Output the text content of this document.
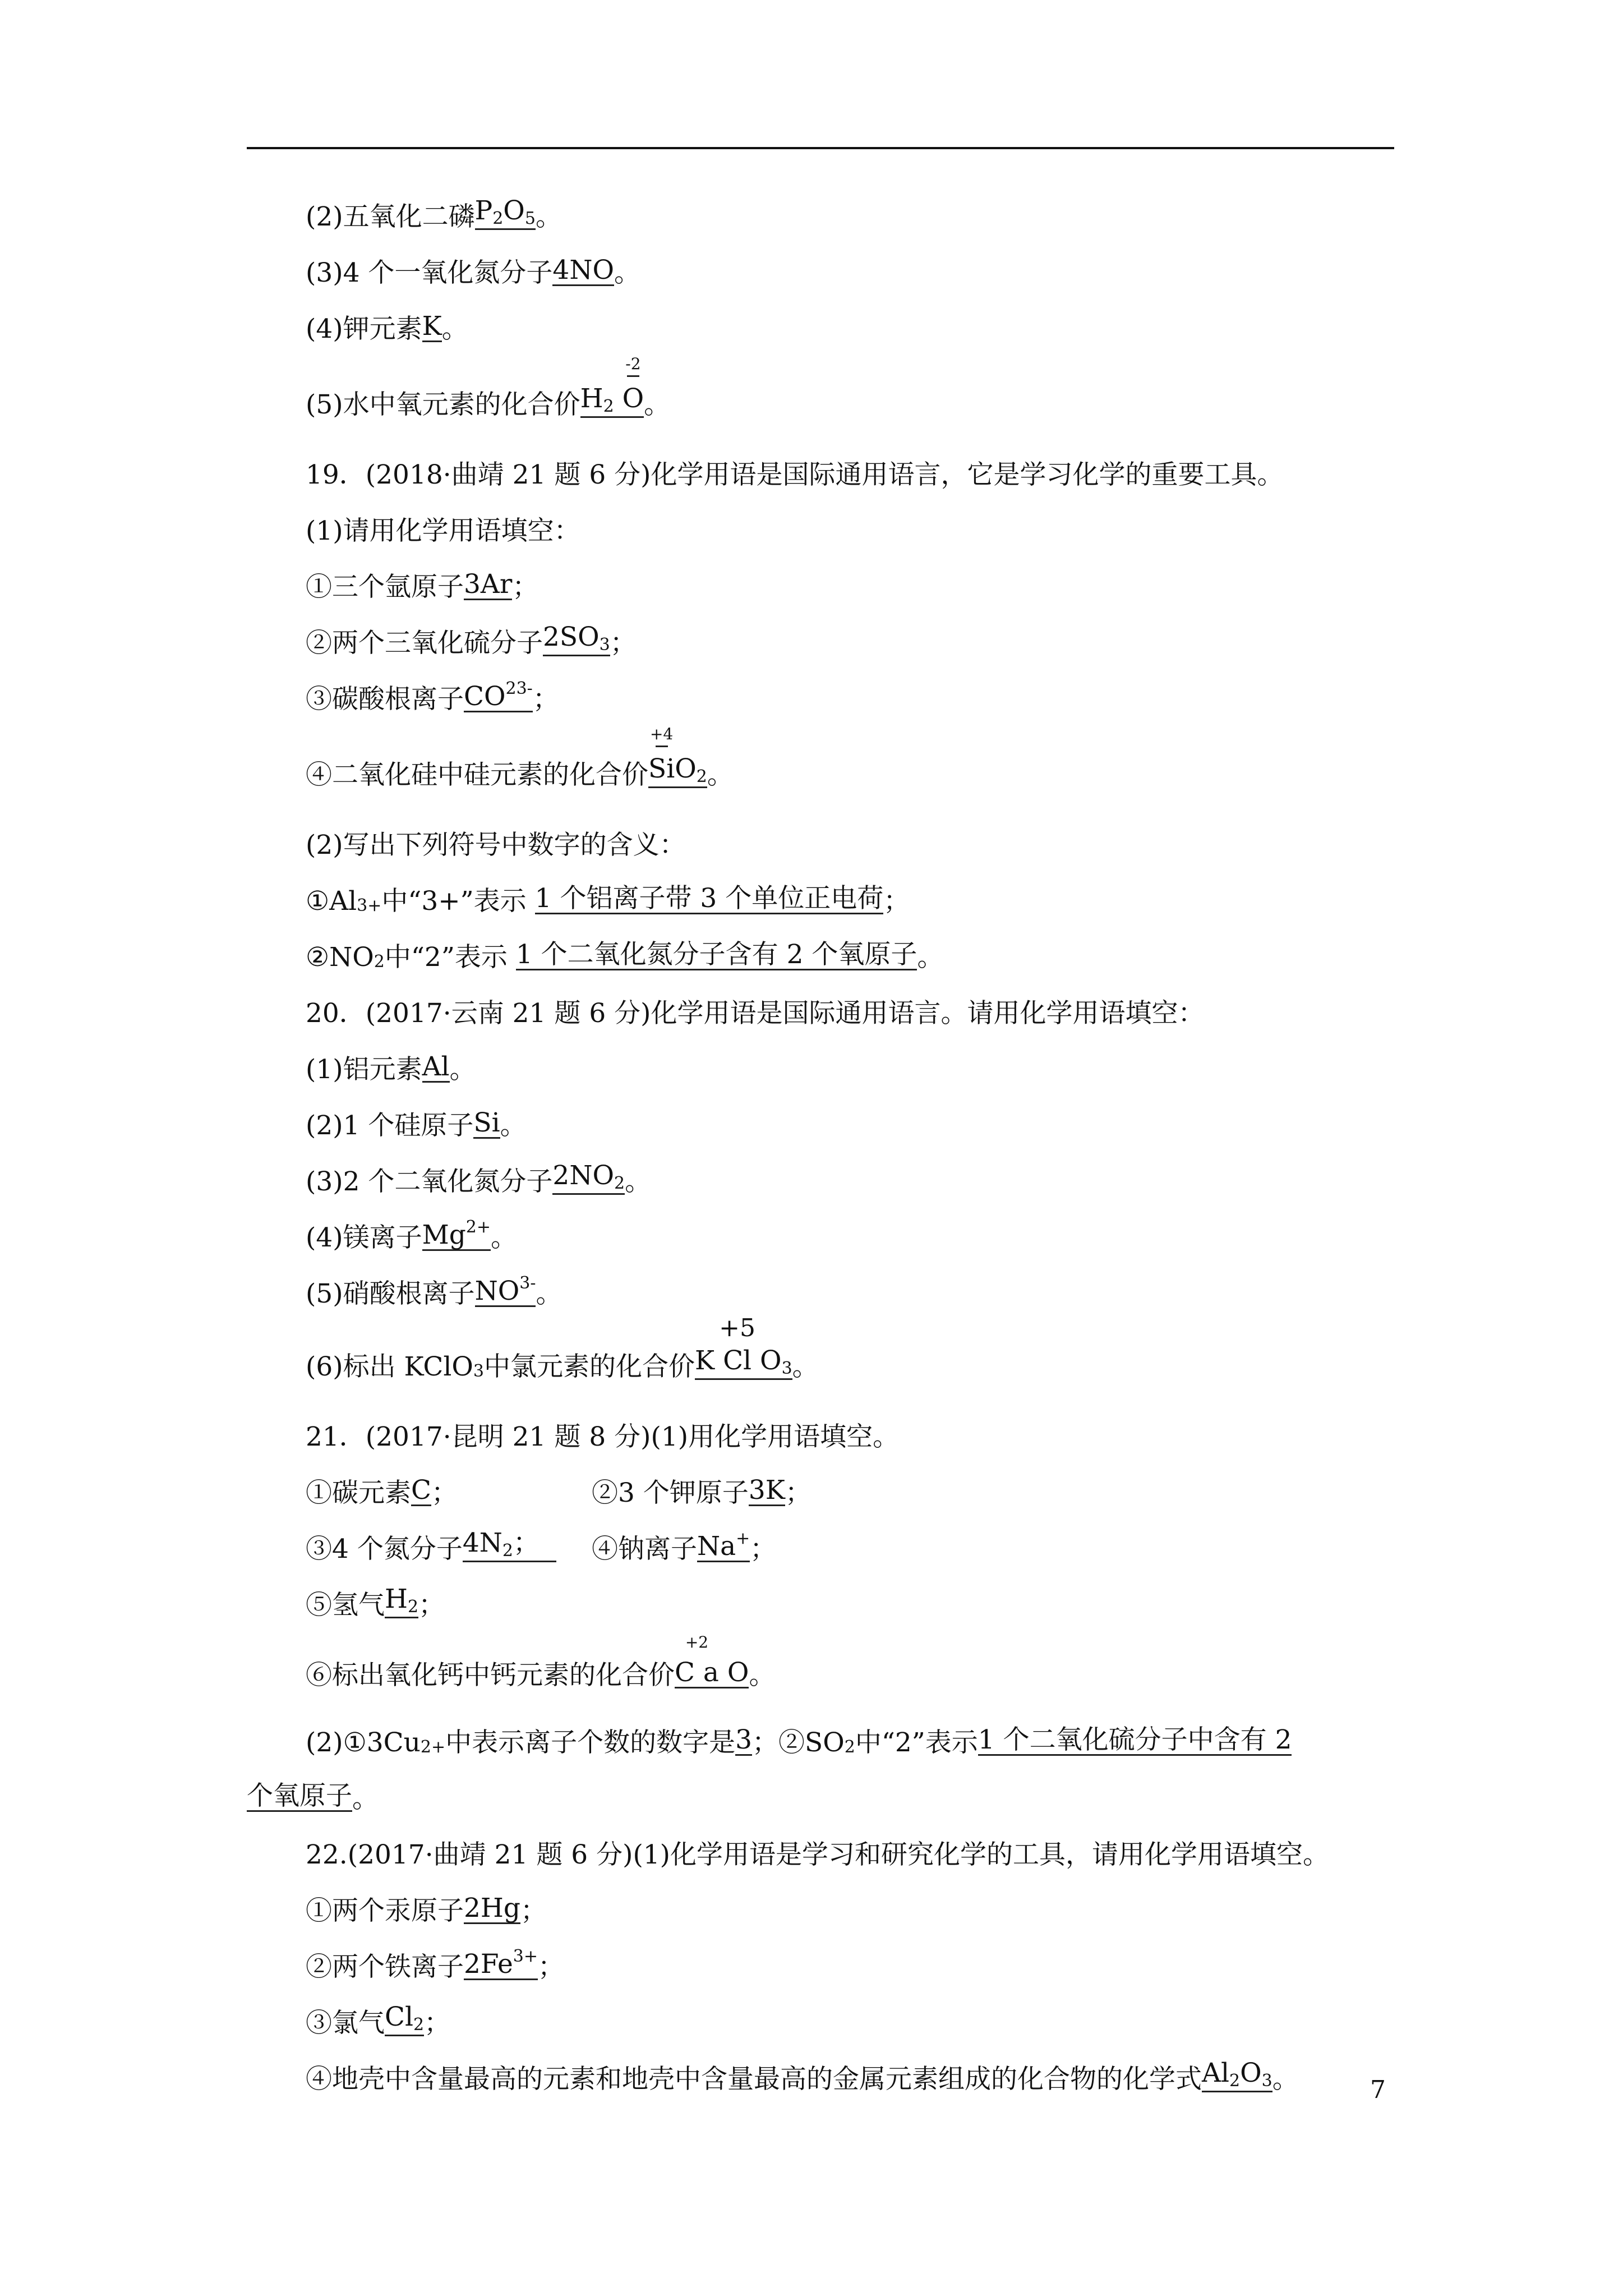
(2)五氧化二磷 $P_2O_5$ 。
(3)4 个一氧化氮分子 4NO 。
(4)钾元素 K 。
(5)水中氧元素的化合价 $H_2$
-2
O 。
19．(2018·曲靖 21 题 6 分)化学用语是国际通用语言，它是学习化学的重要工具。
(1)请用化学用语填空：
①三个氩原子 3Ar ；
②两个三氧化硫分子 $2SO_3$ ；
③碳酸根离子 $CO^{23-}$ ；
④二氧化硅中硅元素的化合价
+4
SiO$_2$ 。
(2)写出下列符号中数字的含义：
①Al 3+ 中“3+”表示
1 个铝离子带 3 个单位正电荷 ；
②NO 2 中“2”表示
1 个二氧化氮分子含有 2 个氧原子 。
20．(2017·云南 21 题 6 分)化学用语是国际通用语言。请用化学用语填空：
(1)铝元素 Al 。
(2)1 个硅原子 Si 。
(3)2 个二氧化氮分子 $2NO_2$ 。
(4)镁离子 $Mg^{2+}$ 。
(5)硝酸根离子 $NO^{3-}$ 。
(6)标出 KClO 3 中氯元素的化合价 K
+5
Cl $O_3$ 。
21．(2017·昆明 21 题 8 分)(1)用化学用语填空。
①碳元素 C ；	②3 个钾原子 3K ；
③4 个氮分子 $4N_2$；	④钠离子 Na+ ；
⑤氢气 $H_2$ ；
⑥标出氧化钙中钙元素的化合价
+2
C a O 。
(2)①3Cu 2+ 中表示离子个数的数字是 3 ；②SO 2 中“2”表示 1 个二氧化硫分子中含有 2
个氧原子 。
22.(2017·曲靖 21 题 6 分)(1)化学用语是学习和研究化学的工具，请用化学用语填空。
①两个汞原子 2Hg ；
②两个铁离子 $2Fe^{3+}$ ；
③氯气 $Cl_2$ ；
④地壳中含量最高的元素和地壳中含量最高的金属元素组成的化合物的化学式 $Al_2O_3$ 。	7
